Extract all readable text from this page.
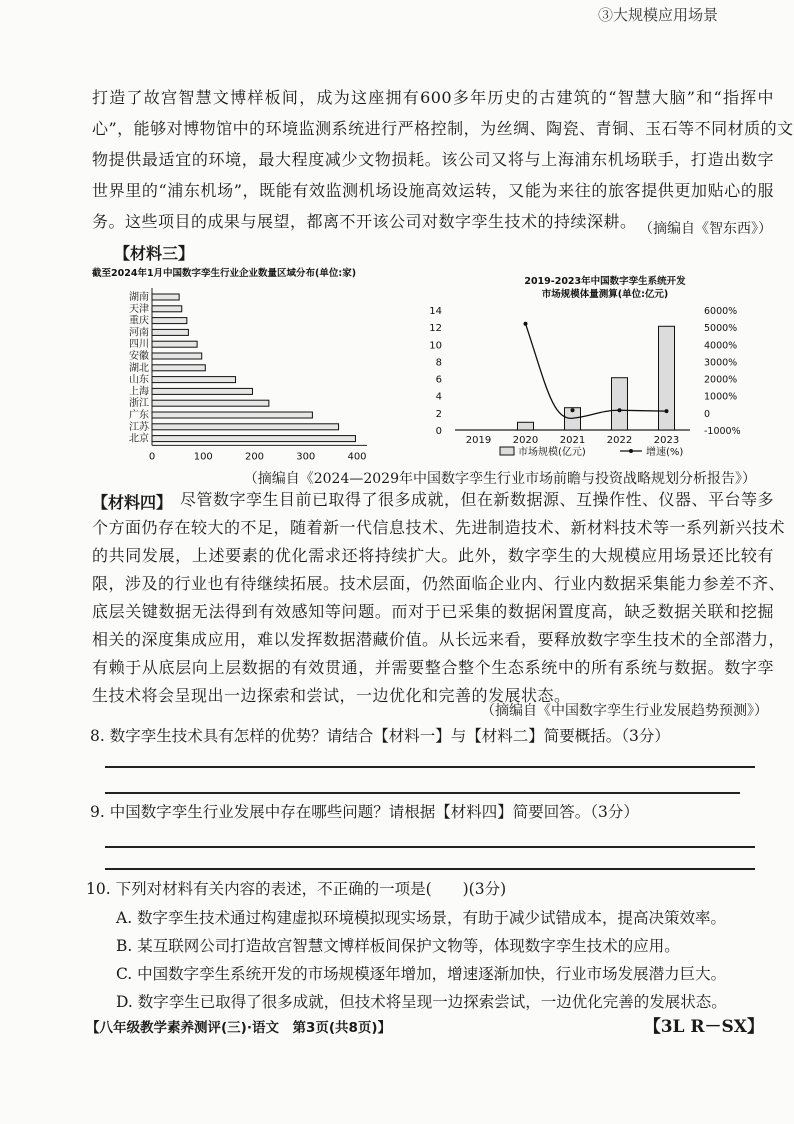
③大规模应用场景
打造了故宫智慧文博样板间，成为这座拥有600多年历史的古建筑的“智慧大脑”和“指挥中
心”，能够对博物馆中的环境监测系统进行严格控制，为丝绸、陶瓷、青铜、玉石等不同材质的文
物提供最适宜的环境，最大程度减少文物损耗。该公司又将与上海浦东机场联手，打造出数字
世界里的“浦东机场”，既能有效监测机场设施高效运转，又能为来往的旅客提供更加贴心的服
务。这些项目的成果与展望，都离不开该公司对数字孪生技术的持续深耕。 （摘编自《智东西》）
【材料三】
截至2024年1月中国数字孪生行业企业数量区域分布(单位:家)
湖南
天津
重庆
河南
四川
安徽
湖北
山东
上海
浙江
广东
江苏
北京
0	100	200	300	400
2019-2023年中国数字孪生系统开发
市场规模体量测算(单位:亿元)
0
2
4
6
8
10
12
14
-1000%
0
1000%
2000%
3000%
4000%
5000%
6000%
2019 2020 2021 2022 2023
市场规模(亿元)	增速(%)
（摘编自《2024—2029年中国数字孪生行业市场前瞻与投资战略规划分析报告》）
【材料四】 尽管数字孪生目前已取得了很多成就，但在新数据源、互操作性、仪器、平台等多
个方面仍存在较大的不足，随着新一代信息技术、先进制造技术、新材料技术等一系列新兴技术
的共同发展，上述要素的优化需求还将持续扩大。此外，数字孪生的大规模应用场景还比较有
限，涉及的行业也有待继续拓展。技术层面，仍然面临企业内、行业内数据采集能力参差不齐、
底层关键数据无法得到有效感知等问题。而对于已采集的数据闲置度高，缺乏数据关联和挖掘
相关的深度集成应用，难以发挥数据潜藏价值。从长远来看，要释放数字孪生技术的全部潜力，
有赖于从底层向上层数据的有效贯通，并需要整合整个生态系统中的所有系统与数据。数字孪
生技术将会呈现出一边探索和尝试，一边优化和完善的发展状态。
（摘编自《中国数字孪生行业发展趋势预测》）
8. 数字孪生技术具有怎样的优势？请结合【材料一】与【材料二】简要概括。（3分）
9. 中国数字孪生行业发展中存在哪些问题？请根据【材料四】简要回答。（3分）
10. 下列对材料有关内容的表述，不正确的一项是(　　)(3分)
A. 数字孪生技术通过构建虚拟环境模拟现实场景，有助于减少试错成本，提高决策效率。
B. 某互联网公司打造故宫智慧文博样板间保护文物等，体现数字孪生技术的应用。
C. 中国数字孪生系统开发的市场规模逐年增加，增速逐渐加快，行业市场发展潜力巨大。
D. 数字孪生已取得了很多成就，但技术将呈现一边探索尝试，一边优化完善的发展状态。
【八年级教学素养测评(三)·语文　第3页(共8页)】	【3L R－SX】
